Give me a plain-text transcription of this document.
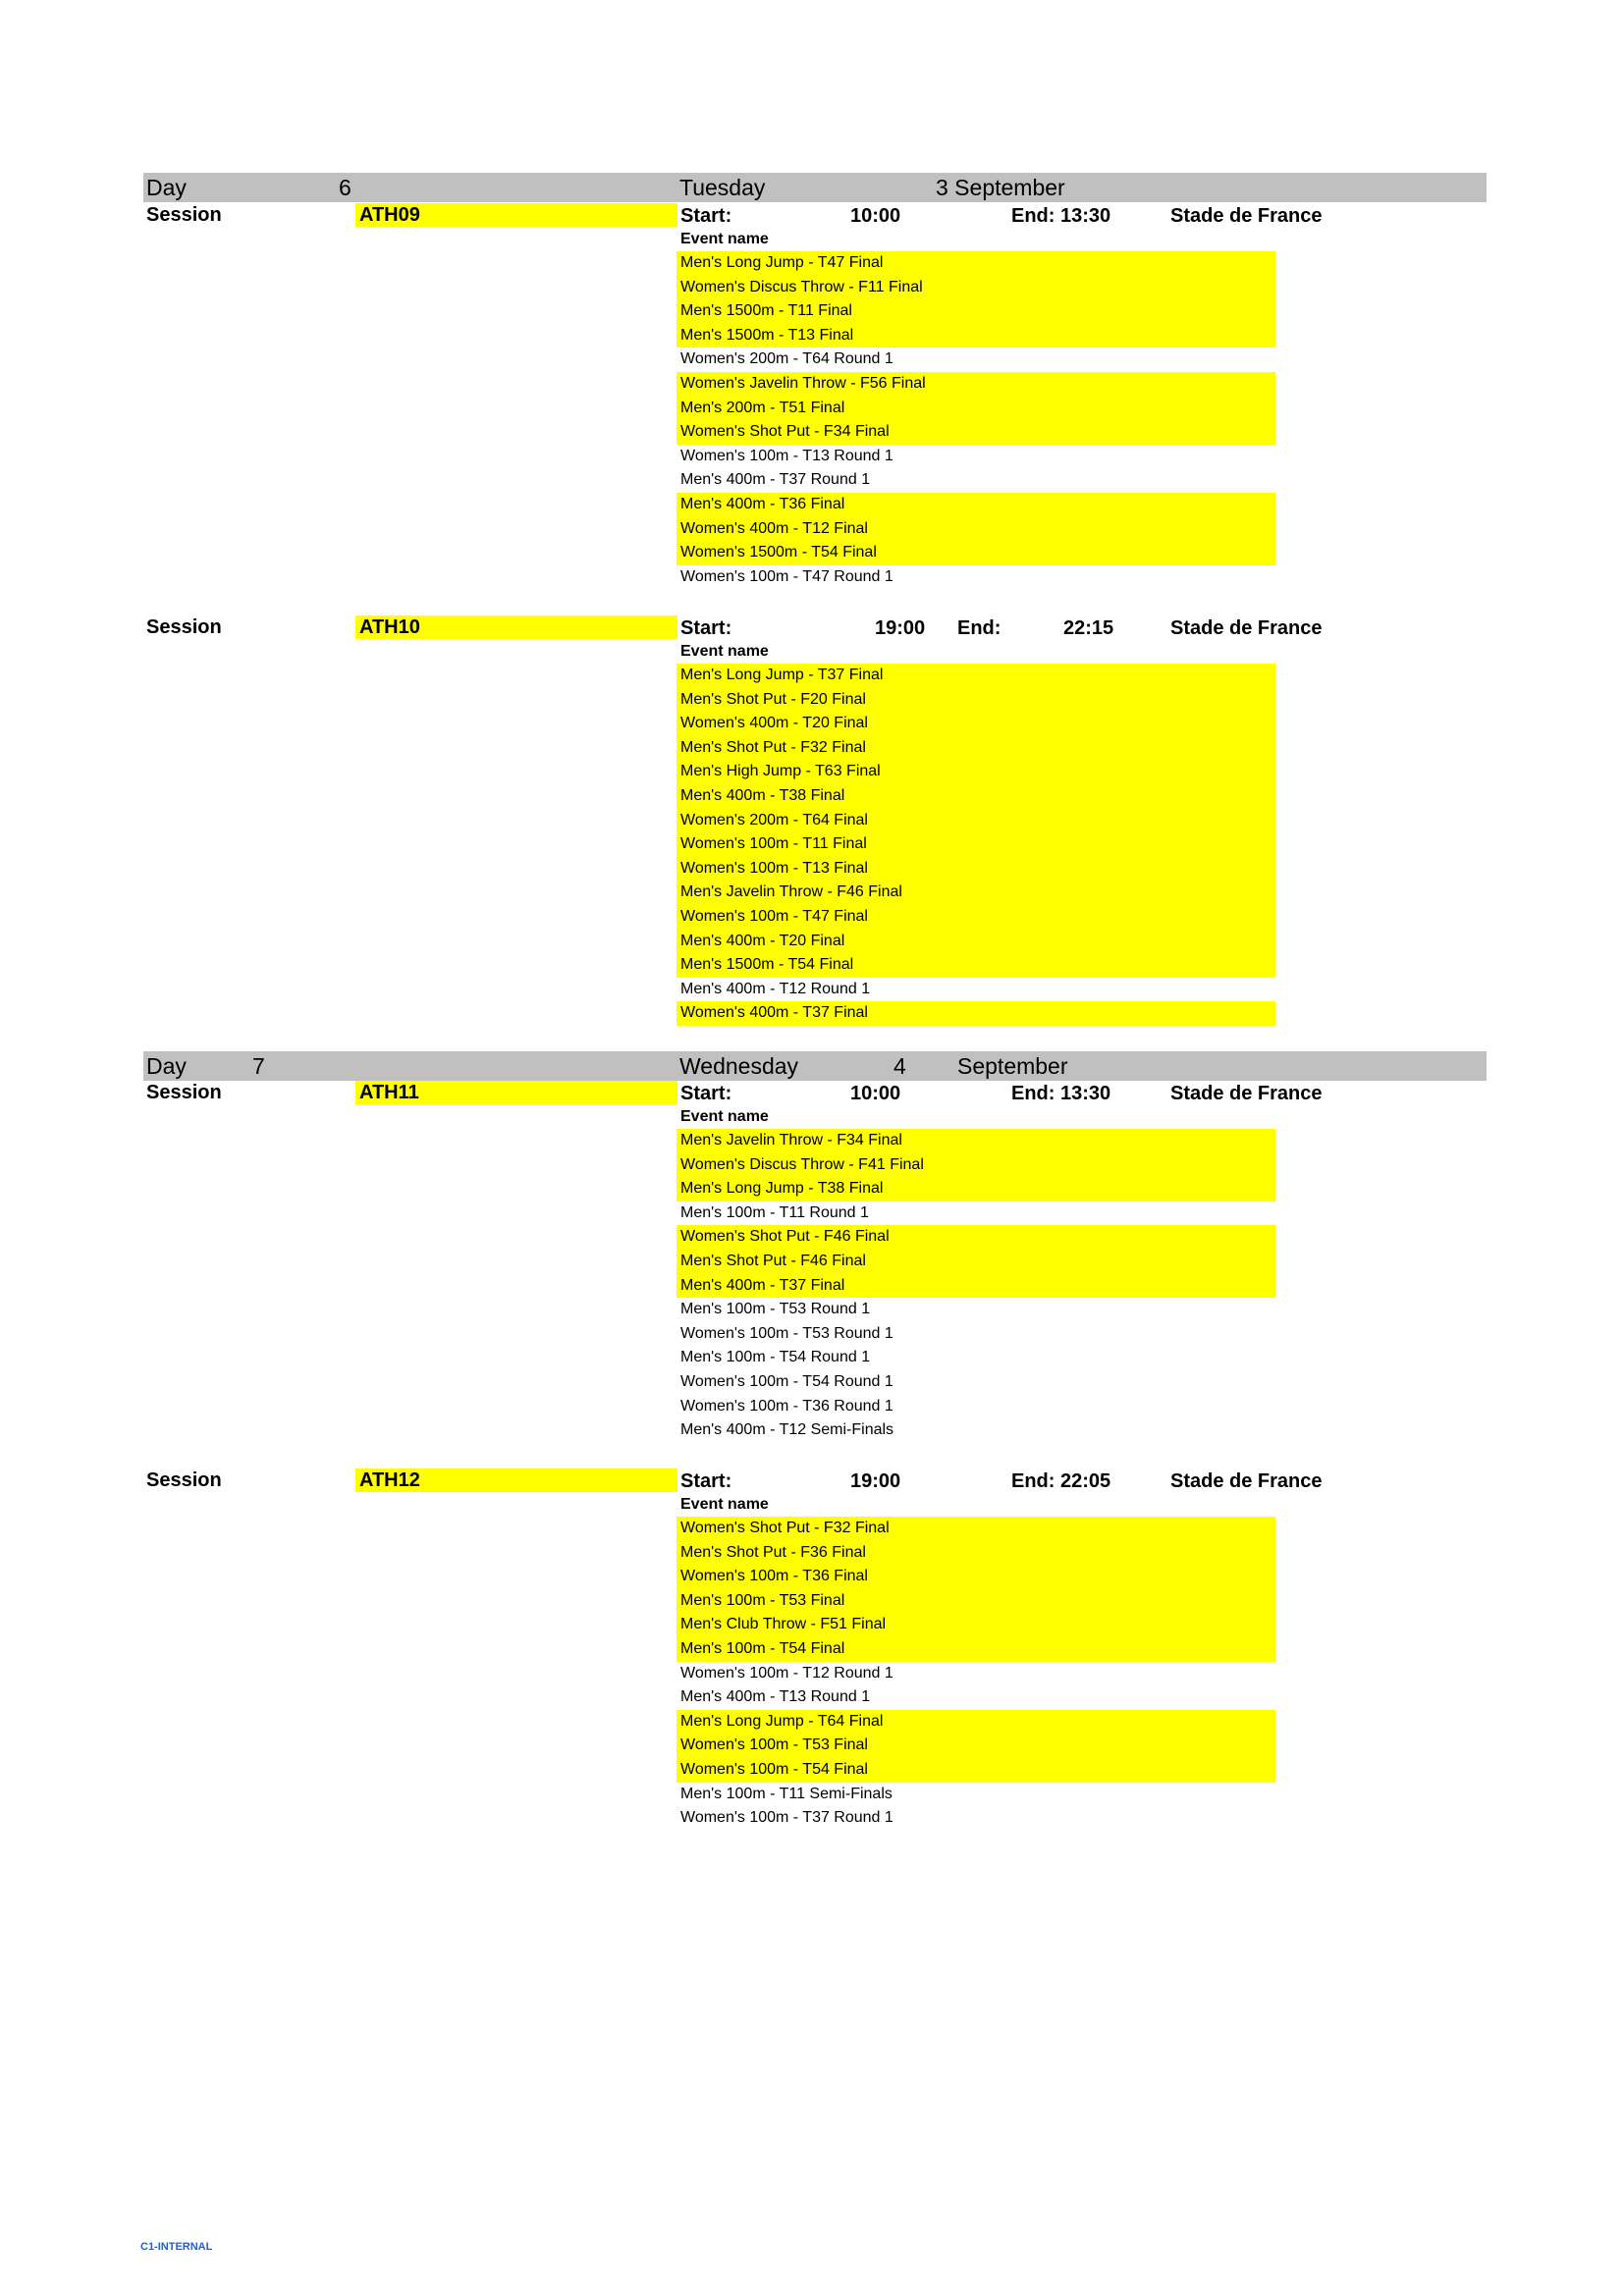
Day	6	Tuesday	3 September
Session	ATH09	Start:	10:00	End: 13:30	Stade de France
Event name
Men's Long Jump - T47 Final
Women's Discus Throw - F11 Final
Men's 1500m - T11 Final
Men's 1500m - T13 Final
Women's 200m - T64 Round 1
Women's Javelin Throw - F56 Final
Men's 200m - T51 Final
Women's Shot Put - F34 Final
Women's 100m - T13 Round 1
Men's 400m - T37 Round 1
Men's 400m - T36 Final
Women's 400m - T12 Final
Women's 1500m - T54 Final
Women's 100m - T47 Round 1
Session	ATH10	Start:	19:00 End:	22:15	Stade de France
Event name
Men's Long Jump - T37 Final
Men's Shot Put - F20 Final
Women's 400m - T20 Final
Men's Shot Put - F32 Final
Men's High Jump - T63 Final
Men's 400m - T38 Final
Women's 200m - T64 Final
Women's 100m - T11 Final
Women's 100m - T13 Final
Men's Javelin Throw - F46 Final
Women's 100m - T47 Final
Men's 400m - T20 Final
Men's 1500m - T54 Final
Men's 400m - T12 Round 1
Women's 400m - T37 Final
Day	7	Wednesday	4 September
Session	ATH11	Start:	10:00	End: 13:30	Stade de France
Event name
Men's Javelin Throw - F34 Final
Women's Discus Throw - F41 Final
Men's Long Jump - T38 Final
Men's 100m - T11 Round 1
Women's Shot Put - F46 Final
Men's Shot Put - F46 Final
Men's 400m - T37 Final
Men's 100m - T53 Round 1
Women's 100m - T53 Round 1
Men's 100m - T54 Round 1
Women's 100m - T54 Round 1
Women's 100m - T36 Round 1
Men's 400m - T12 Semi-Finals
Session	ATH12	Start:	19:00	End: 22:05	Stade de France
Event name
Women's Shot Put - F32 Final
Men's Shot Put - F36 Final
Women's 100m - T36 Final
Men's 100m - T53 Final
Men's Club Throw - F51 Final
Men's 100m - T54 Final
Women's 100m - T12 Round 1
Men's 400m - T13 Round 1
Men's Long Jump - T64 Final
Women's 100m - T53 Final
Women's 100m - T54 Final
Men's 100m - T11 Semi-Finals
Women's 100m - T37 Round 1
C1-INTERNAL
